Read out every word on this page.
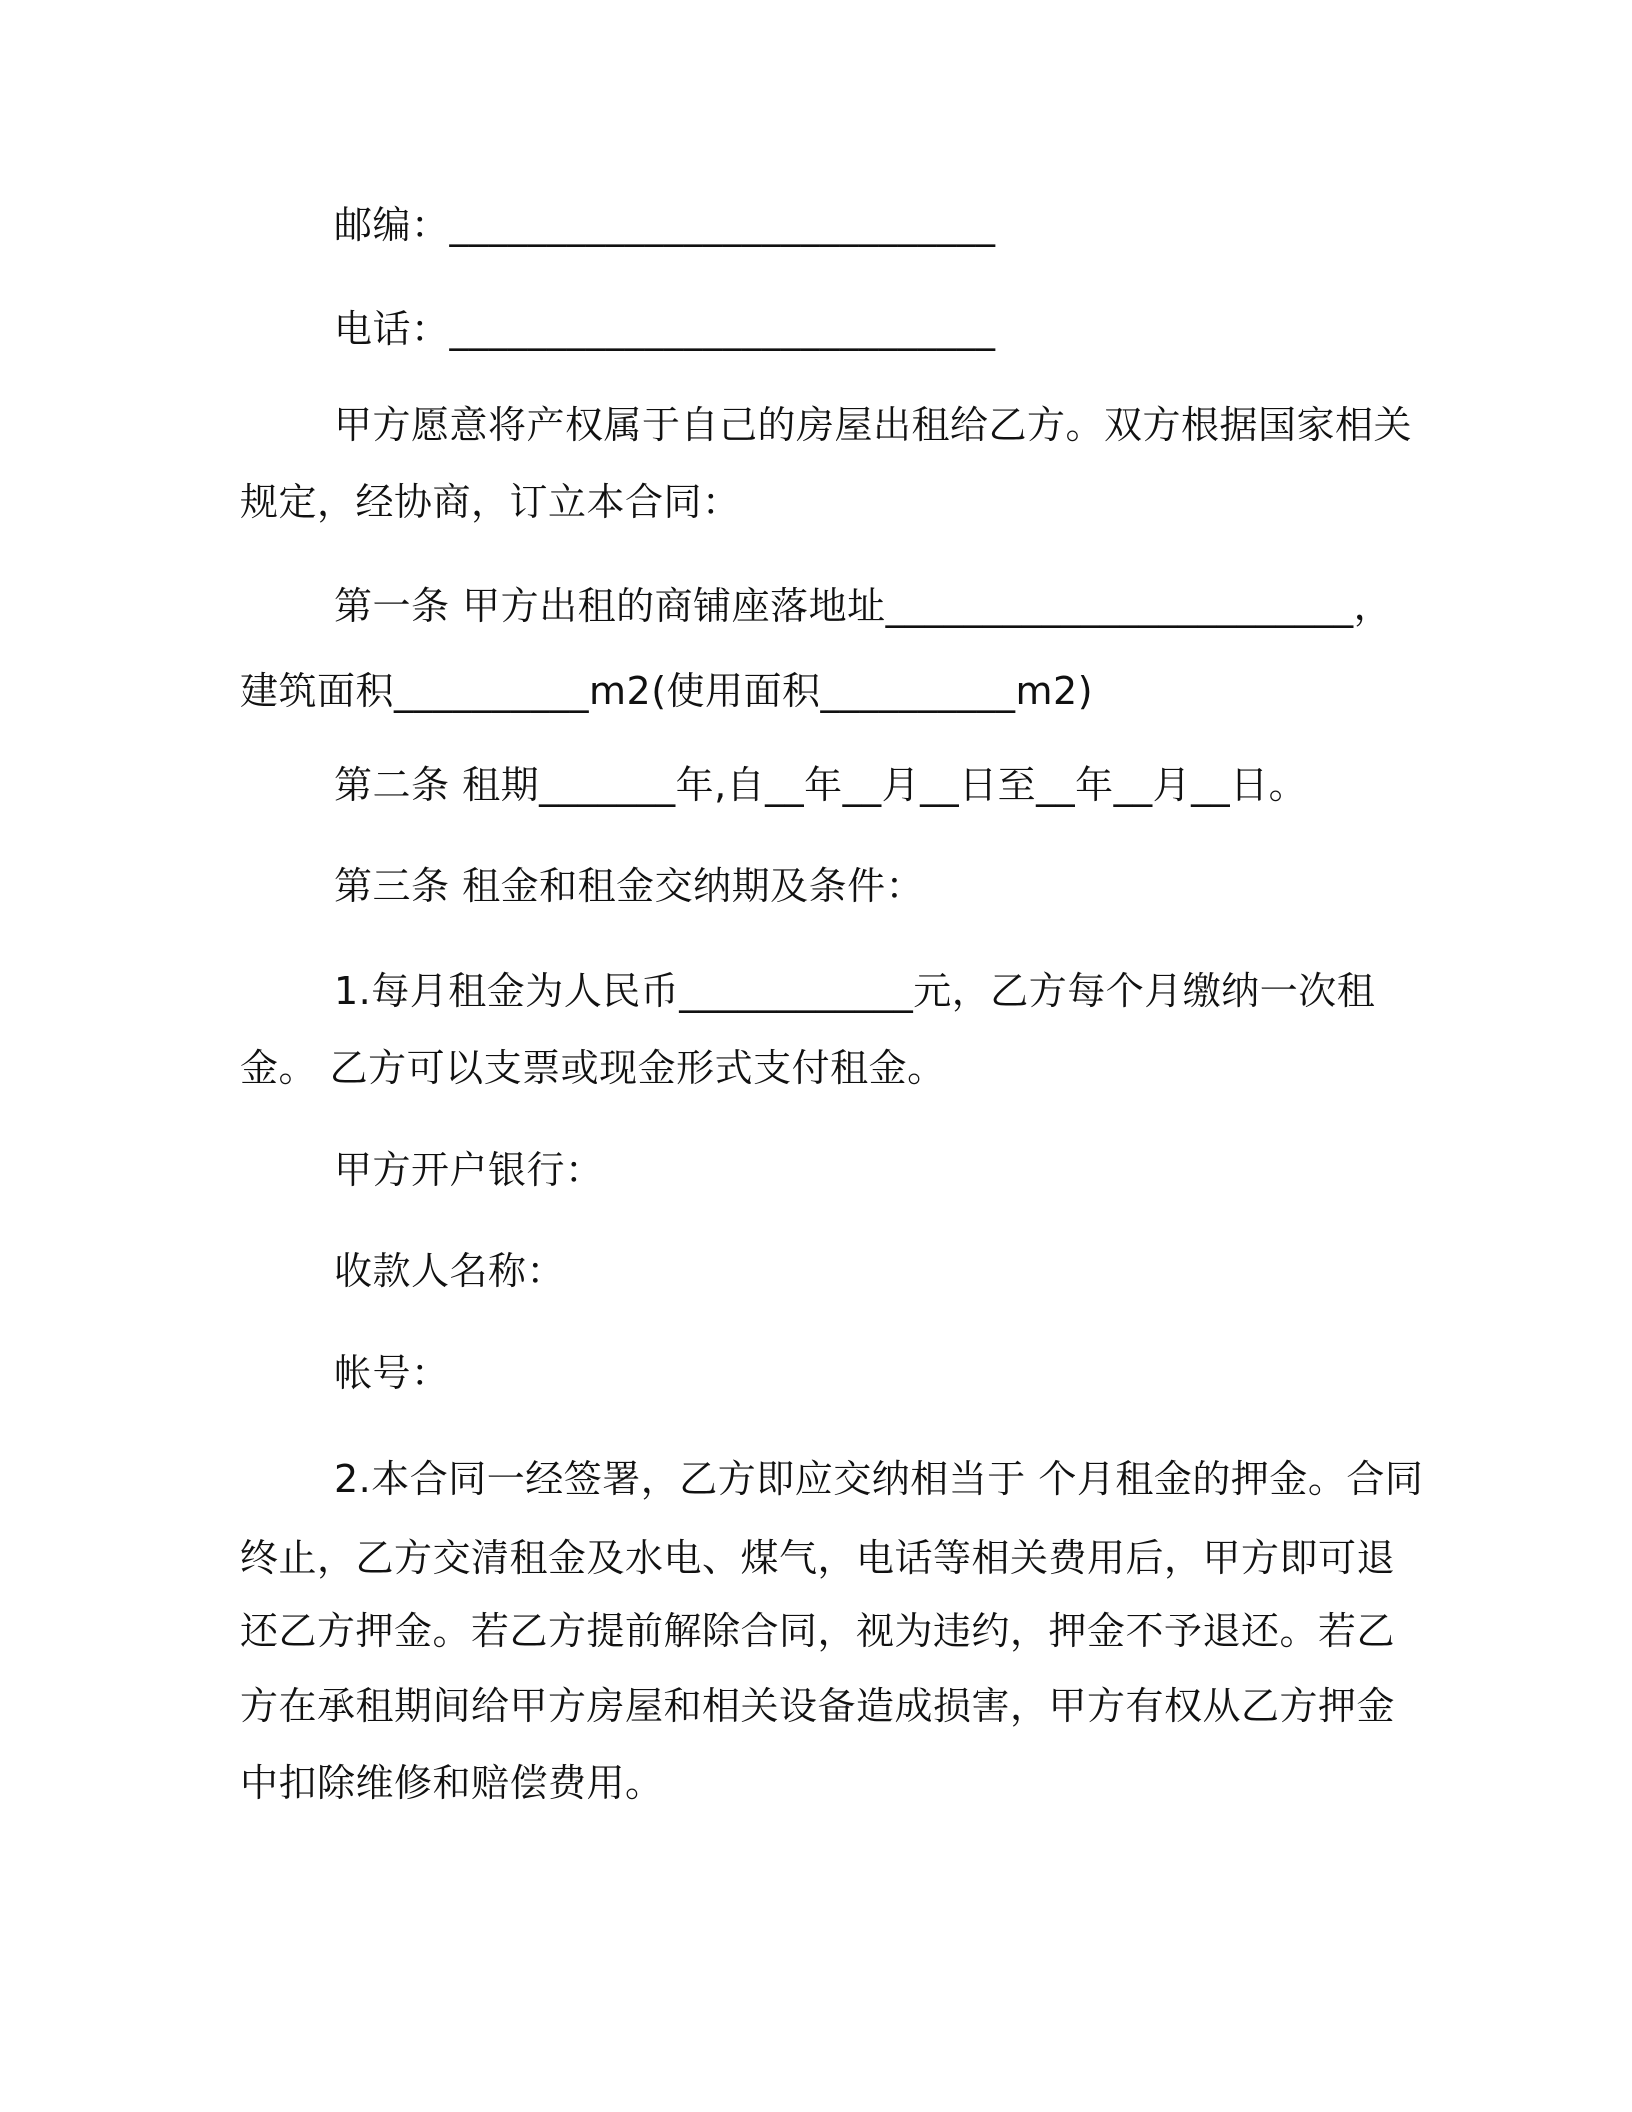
邮编：____________________________
电话：____________________________
甲方愿意将产权属于自己的房屋出租给乙方。双方根据国家相关
规定，经协商，订立本合同：
第一条 甲方出租的商铺座落地址________________________，
建筑面积__________m2(使用面积__________m2)
第二条 租期_______年,自__年__月__日至__年__月__日。
第三条 租金和租金交纳期及条件：
1.每月租金为人民币____________元，乙方每个月缴纳一次租
金。 乙方可以支票或现金形式支付租金。
甲方开户银行：
收款人名称：
帐号：
2.本合同一经签署，乙方即应交纳相当于 个月租金的押金。合同
终止，乙方交清租金及水电、煤气，电话等相关费用后，甲方即可退
还乙方押金。若乙方提前解除合同，视为违约，押金不予退还。若乙
方在承租期间给甲方房屋和相关设备造成损害，甲方有权从乙方押金
中扣除维修和赔偿费用。
